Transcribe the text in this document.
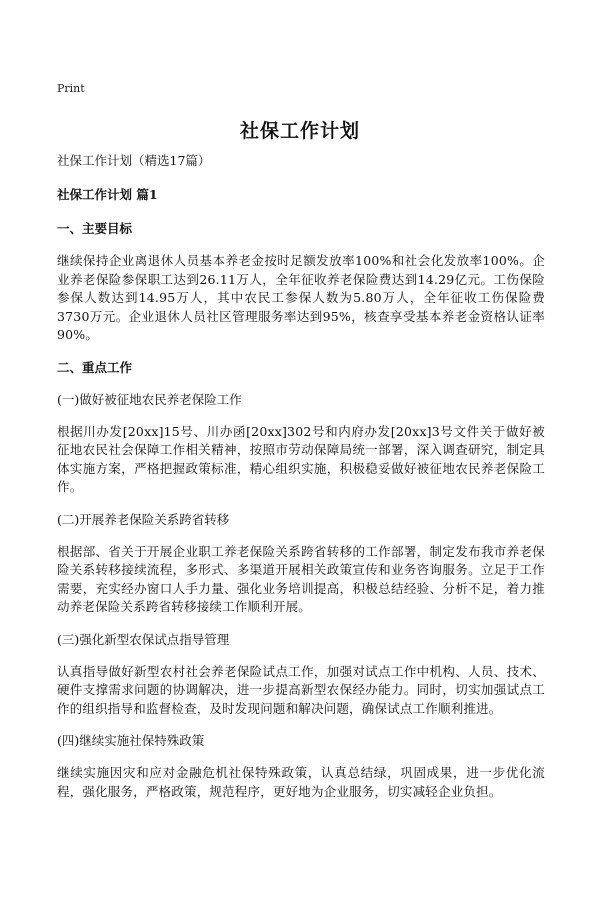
Print
社保工作计划

社保工作计划（精选17篇）

社保工作计划 篇1

一、主要目标

继续保持企业离退休人员基本养老金按时足额发放率100%和社会化发放率100%。企业养老保险参保职工达到26.11万人，全年征收养老保险费达到14.29亿元。工伤保险参保人数达到14.95万人，其中农民工参保人数为5.80万人，全年征收工伤保险费3730万元。企业退休人员社区管理服务率达到95%，核查享受基本养老金资格认证率90%。

二、重点工作

(一)做好被征地农民养老保险工作

根据川办发[20xx]15号、川办函[20xx]302号和内府办发[20xx]3号文件关于做好被征地农民社会保障工作相关精神，按照市劳动保障局统一部署，深入调查研究，制定具体实施方案，严格把握政策标准，精心组织实施，积极稳妥做好被征地农民养老保险工作。

(二)开展养老保险关系跨省转移

根据部、省关于开展企业职工养老保险关系跨省转移的工作部署，制定发布我市养老保险关系转移接续流程，多形式、多渠道开展相关政策宣传和业务咨询服务。立足于工作需要，充实经办窗口人手力量、强化业务培训提高，积极总结经验、分析不足，着力推动养老保险关系跨省转移接续工作顺利开展。

(三)强化新型农保试点指导管理

认真指导做好新型农村社会养老保险试点工作，加强对试点工作中机构、人员、技术、硬件支撑需求问题的协调解决，进一步提高新型农保经办能力。同时，切实加强试点工作的组织指导和监督检查，及时发现问题和解决问题，确保试点工作顺利推进。

(四)继续实施社保特殊政策

继续实施因灾和应对金融危机社保特殊政策，认真总结绿，巩固成果，进一步优化流程，强化服务，严格政策，规范程序，更好地为企业服务，切实减轻企业负担。
